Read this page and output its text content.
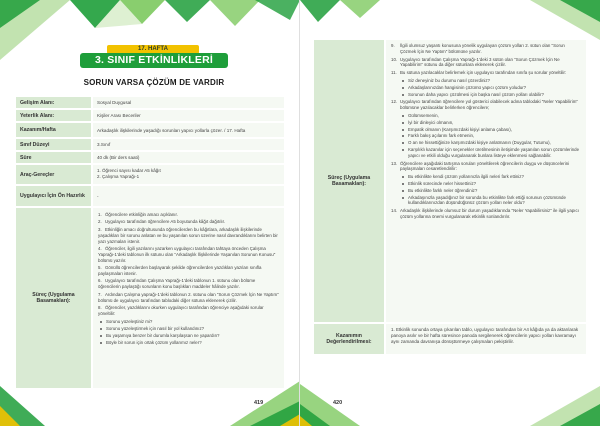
17. HAFTA
3. SINIF ETKİNLİKLERİ
SORUN VARSA ÇÖZÜM DE VARDIR
Gelişim Alanı:	Sosyal Duygusal
Yeterlik Alanı:	Kişiler Arası Beceriler
Kazanım/Hafta	Arkadaşlık ilişkilerinde yaşadığı sorunları yapıcı yollarla çözer. / 17. Hafta
Sınıf Düzeyi	3.Sınıf
Süre	40 dk (Bir ders saati)
Araç-Gereçler
1. Öğrenci sayısı kadar A5 kâğıt
2. Çalışma Yaprağı-1
Uygulayıcı İçin Ön Hazırlık	-
Süreç (Uygulama Basamakları):
1. Öğrencilere etkinliğin amacı açıklanır.
2. Uygulayıcı tarafından öğrencilere A5 boyutunda kâğıt dağıtılır.
3. Etkinliğin amacı doğrultusunda öğrencilerden bu kâğıtlara, arkadaşlık ilişkilerinde yaşadıkları bir sorunu anlatan ve bu yaşanılan sorun üzerine nasıl davrandıklarını belirten bir yazı yazmaları istenir.
4. Öğrenciler, ilgili yazılarını yazarken uygulayıcı tarafından tahtaya önceden Çalışma Yaprağı-1'deki tablonun ilk sütunu olan "Arkadaşlık İlişkilerinde Yaşanılan Sorunun Konusu" bölümü yazılır.
5. Gönüllü öğrencilerden başlayarak şekilde öğrencilerden yazdıkları yazıları sınıfla paylaşmaları istenir.
6. Uygulayıcı tarafından Çalışma Yaprağı-1'deki tablonun 1. sütunu olan bölüme öğrencilerin paylaştığı sorunların konu başlıkları maddeler hâlinde yazılır.
7. Ardından Çalışma yaprağı-1'deki tablonun 2. sütunu olan "Sorun Çözmek İçin Ne Yaptım" bölümü de uygulayıcı tarafından tablodaki diğer sütuna eklenerek çizilir.
8. Öğrenciler, yazdıklarını okurken uygulayıcı tarafından öğrenciye aşağıdaki sorular yöneltilir:
Sorunu yüzeleştiniz mi?
Sorunu yüzeleştirmek için nasıl bir yol kullandınız?
Bu yaşamıya benzer bir durumla karşılaşsan ne yapardın?
Böyle bir sorun için ortak çözüm yollarımız neler?
419
Süreç (Uygulama Basamakları):
9.	İlgili olumsuz yaşantı konusuna yönelik uygulayan çözüm yolları 2. sütun olan "Sorun Çözmek İçin Ne Yaptım" bölümüne yazılır.
10. Uygulayıcı tarafından Çalışma Yaprağı-1'deki 3 sütün olan "Sorun Çözmek İçin Ne Yapabilirim" sütunu da diğer sütunlara eklenerek çizilir.
11. Bu sütuna yazılacaklar belirlemek için uygulayıcı tarafından sınıfa şu sorular yöneltilir:
Siz deneyiniz bu durumu nasıl çözerdiniz?
Arkadaşlarınızdan hangisinin çözümü yapıcı çözüm yoludur?
Sorunun daha yapıcı çözülmesi için başka nasıl çözüm yolları olabilir?
12. Uygulayıcı tarafından öğrencilere yol gösterici olabilecek adına tablodaki "Neler Yapabilirim" bölümüne yazılacaklar belirlerken öğrencilere;
Gülümsemenin,
İyi bir dinleyici olmanın,
Empatik olmanın (Karşımızdaki kişiyi anlama çabası),
Farklı bakış açılarını fark etmenin,
O an ne hissettiğinize karşımızdaki kişiye anlatmanın (Duygular, Tutumu),
Karşılıklı kazanılar için seçenekler üretilmesinin iletişimde yaşanılan sorun çözümlerinde yapıcı ve etkili olduğu vurgulanarak bunlara listeye eklenmesi sağlanabilir.
13. Öğrencilere aşağıdaki tartışma soruları yöneltilerek öğrencilerin duygu ve düşüncelerini paylaşmaları cesaretlendirilir:
Bu etkinlikte kendi çözüm yollarınızla ilgili neleri fark ettiniz?
Etkinlik sürecinde neler hissettiniz?
Bu etkinlikte farklı neler öğrendiniz?
Arkadaşınızla yaşadığınız bir sorunda bu etkinlikte fark ettiği sorunun çözümünde kullandıklarınızdan düşündüğünüz çözüm yolları neler oldu?
14. Arkadaşlık ilişkilerinde olumsuz bir durum yaşadıklarında "Neler Yapabilirsiniz" ile ilgili yapıcı çözüm yollarına önemi vurgulanarak etkinlik sonlandırılır.
Kazanımın Değerlendirilmesi:
1. Etkinlik sonunda ortaya çıkarılan tablo, uygulayıcı tarafından bir A4 kâğıda ya da aktarılarak panoya asılır ve bir hafta süresince panoda sergilenerek öğrencilerin yapıcı yolları kavramayı aynı zamanda davranışa dönüştürmeye çalışmaları pekiştirilir.
420
